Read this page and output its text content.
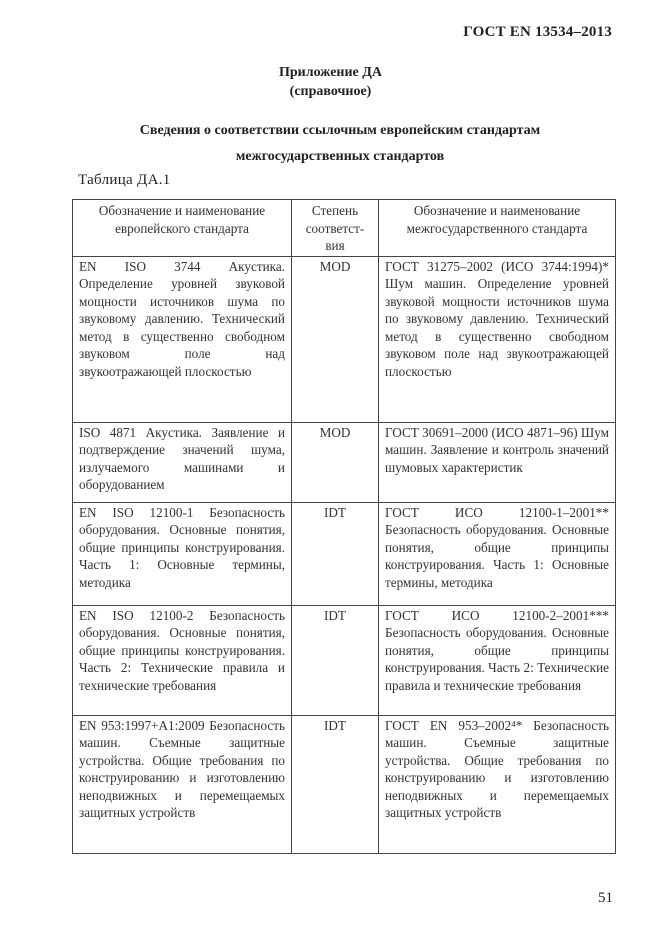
ГОСТ EN 13534–2013
Приложение ДА
(справочное)
Сведения о соответствии ссылочным европейским стандартам
межгосударственных стандартов
Таблица ДА.1
Обозначение и наименование европейского стандарта	Степень соответст-вия	Обозначение и наименование межгосударственного стандарта
EN ISO 3744 Акустика. Определение уровней звуковой мощности источников шума по звуковому давлению. Технический метод в существенно свободном звуковом поле над звукоотражающей плоскостью	MOD	ГОСТ 31275–2002 (ИСО 3744:1994)* Шум машин. Определение уровней звуковой мощности источников шума по звуковому давлению. Технический метод в существенно свободном звуковом поле над звукоотражающей плоскостью
ISO 4871 Акустика. Заявление и подтверждение значений шума, излучаемого машинами и оборудованием	MOD	ГОСТ 30691–2000 (ИСО 4871–96) Шум машин. Заявление и контроль значений шумовых характеристик
EN ISO 12100-1 Безопасность оборудования. Основные понятия, общие принципы конструирования. Часть 1: Основные термины, методика	IDT	ГОСТ ИСО 12100-1–2001** Безопасность оборудования. Основные понятия, общие принципы конструирования. Часть 1: Основные термины, методика
EN ISO 12100-2 Безопасность оборудования. Основные понятия, общие принципы конструирования. Часть 2: Технические правила и технические требования	IDT	ГОСТ ИСО 12100-2–2001*** Безопасность оборудования. Основные понятия, общие принципы конструирования. Часть 2: Технические правила и технические требования
EN 953:1997+A1:2009 Безопасность машин. Съемные защитные устройства. Общие требования по конструированию и изготовлению неподвижных и перемещаемых защитных устройств	IDT	ГОСТ EN 953–2002⁴* Безопасность машин. Съемные защитные устройства. Общие требования по конструированию и изготовлению неподвижных и перемещаемых защитных устройств
51
